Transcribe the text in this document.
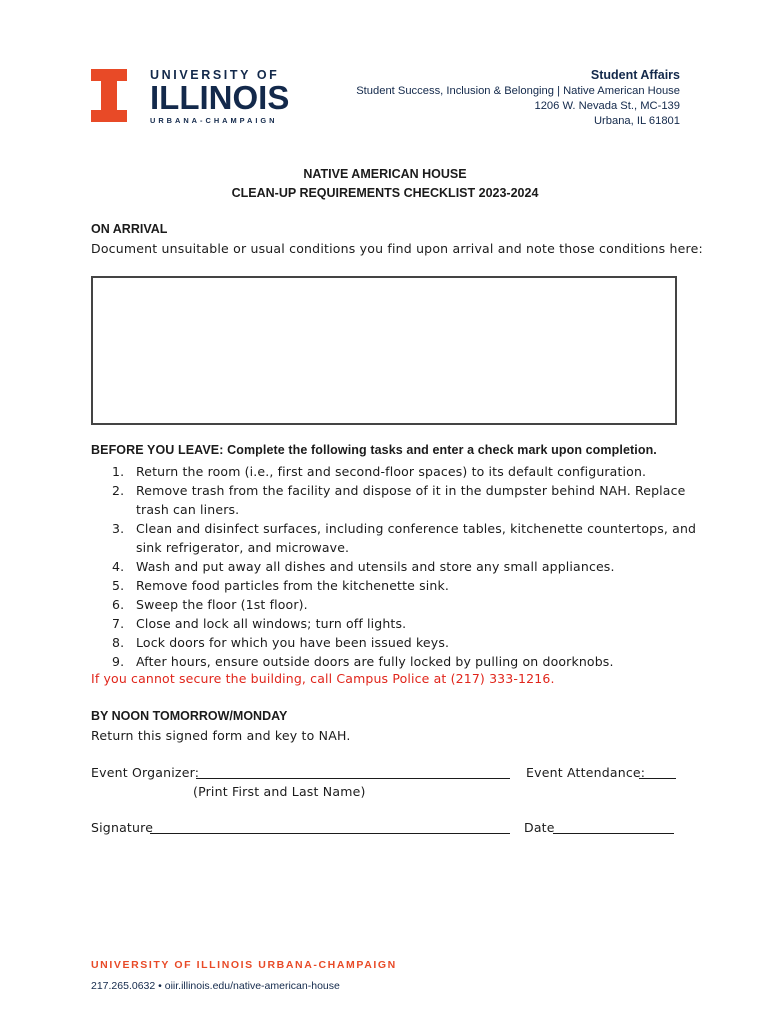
UNIVERSITY OF
ILLINOIS
URBANA-CHAMPAIGN
Student Affairs
Student Success, Inclusion & Belonging | Native American House
1206 W. Nevada St., MC-139
Urbana, IL 61801
NATIVE AMERICAN HOUSE
CLEAN-UP REQUIREMENTS CHECKLIST 2023-2024
ON ARRIVAL
Document unsuitable or usual conditions you find upon arrival and note those conditions here:
BEFORE YOU LEAVE: Complete the following tasks and enter a check mark upon completion.
1. Return the room (i.e., first and second-floor spaces) to its default configuration.
2. Remove trash from the facility and dispose of it in the dumpster behind NAH. Replace
trash can liners.
3. Clean and disinfect surfaces, including conference tables, kitchenette countertops, and
sink refrigerator, and microwave.
4. Wash and put away all dishes and utensils and store any small appliances.
5. Remove food particles from the kitchenette sink.
6. Sweep the floor (1st floor).
7. Close and lock all windows; turn off lights.
8. Lock doors for which you have been issued keys.
9. After hours, ensure outside doors are fully locked by pulling on doorknobs.
If you cannot secure the building, call Campus Police at (217) 333-1216.
BY NOON TOMORROW/MONDAY
Return this signed form and key to NAH.
Event Organizer:
(Print First and Last Name)
Event Attendance:
Signature	Date
UNIVERSITY OF ILLINOIS URBANA-CHAMPAIGN
217.265.0632 • oiir.illinois.edu/native-american-house
